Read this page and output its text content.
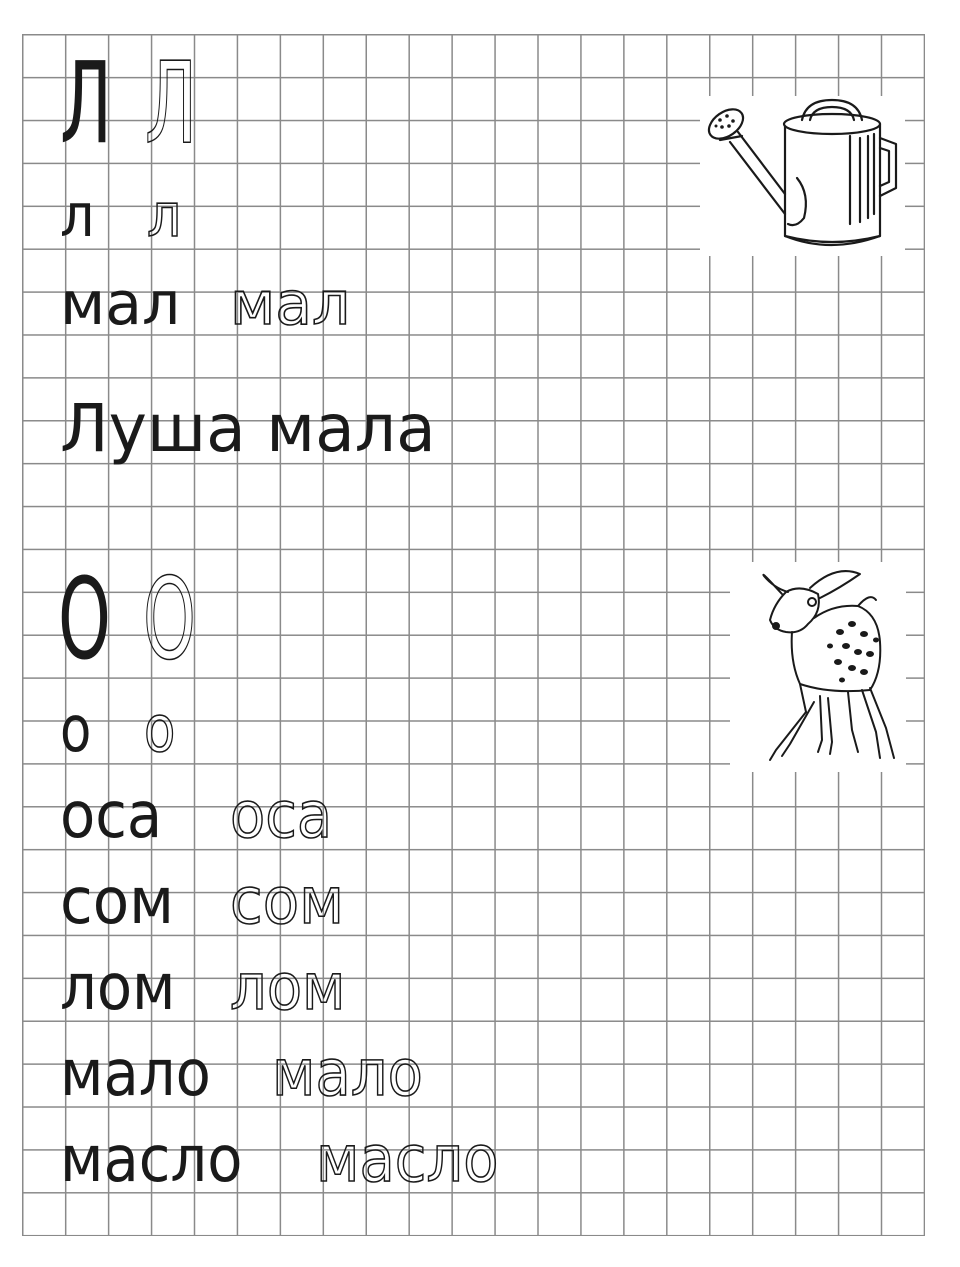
Л Л
л л
мал мал
Луша мала
О О
о о
оса оса
сом сом
лом лом
мало мало
масло масло
